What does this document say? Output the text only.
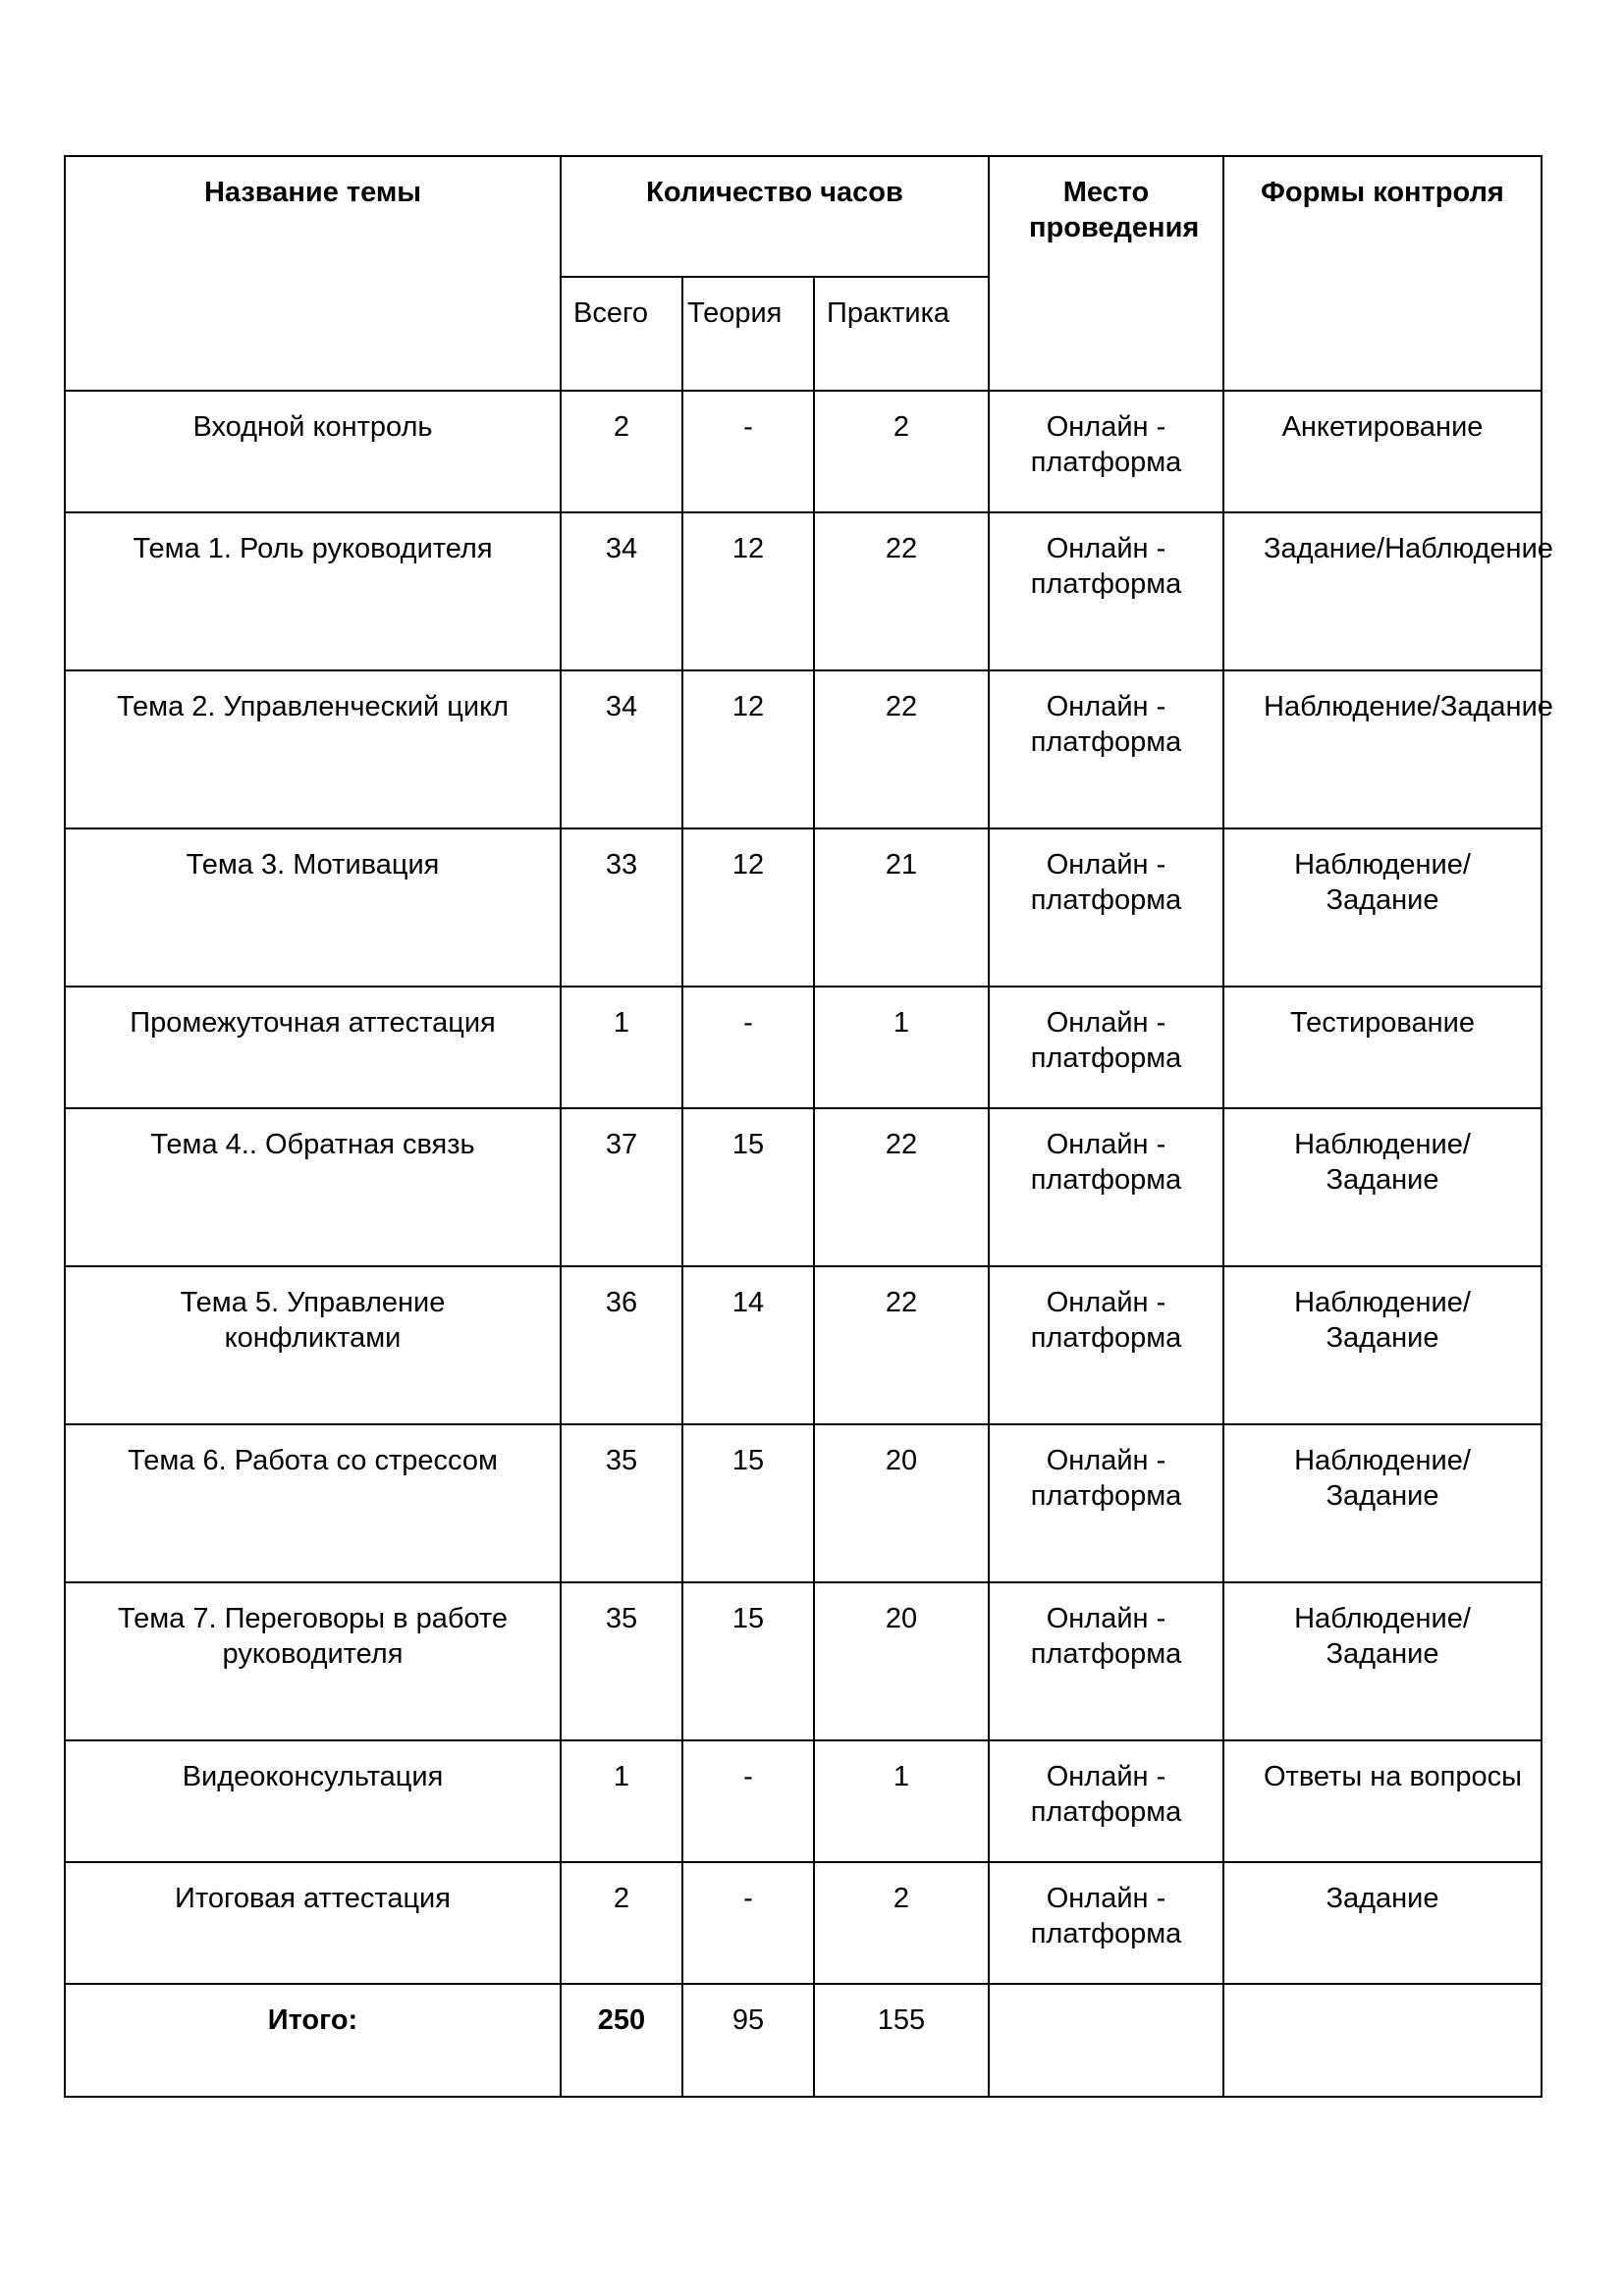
Название темы	Количество часов			Место проведения	Формы контроля
	Всего	Теория	Практика		

Входной контроль	2	-	2	Онлайн - платформа	Анкетирование

Тема 1. Роль руководителя	34	12	22	Онлайн - платформа	Задание/Наблюдение

Тема 2. Управленческий цикл	34	12	22	Онлайн - платформа	Наблюдение/Задание

Тема 3. Мотивация	33	12	21	Онлайн - платформа	Наблюдение/ Задание

Промежуточная аттестация	1	-	1	Онлайн - платформа	Тестирование

Тема 4.. Обратная связь	37	15	22	Онлайн - платформа	Наблюдение/ Задание

Тема 5. Управление конфликтами	36	14	22	Онлайн - платформа	Наблюдение/ Задание

Тема 6. Работа со стрессом	35	15	20	Онлайн - платформа	Наблюдение/ Задание

Тема 7. Переговоры в работе руководителя	35	15	20	Онлайн - платформа	Наблюдение/ Задание

Видеоконсультация	1	-	1	Онлайн - платформа	Ответы на вопросы

Итоговая аттестация	2	-	2	Онлайн - платформа	Задание

Итого:	250	95	155		
